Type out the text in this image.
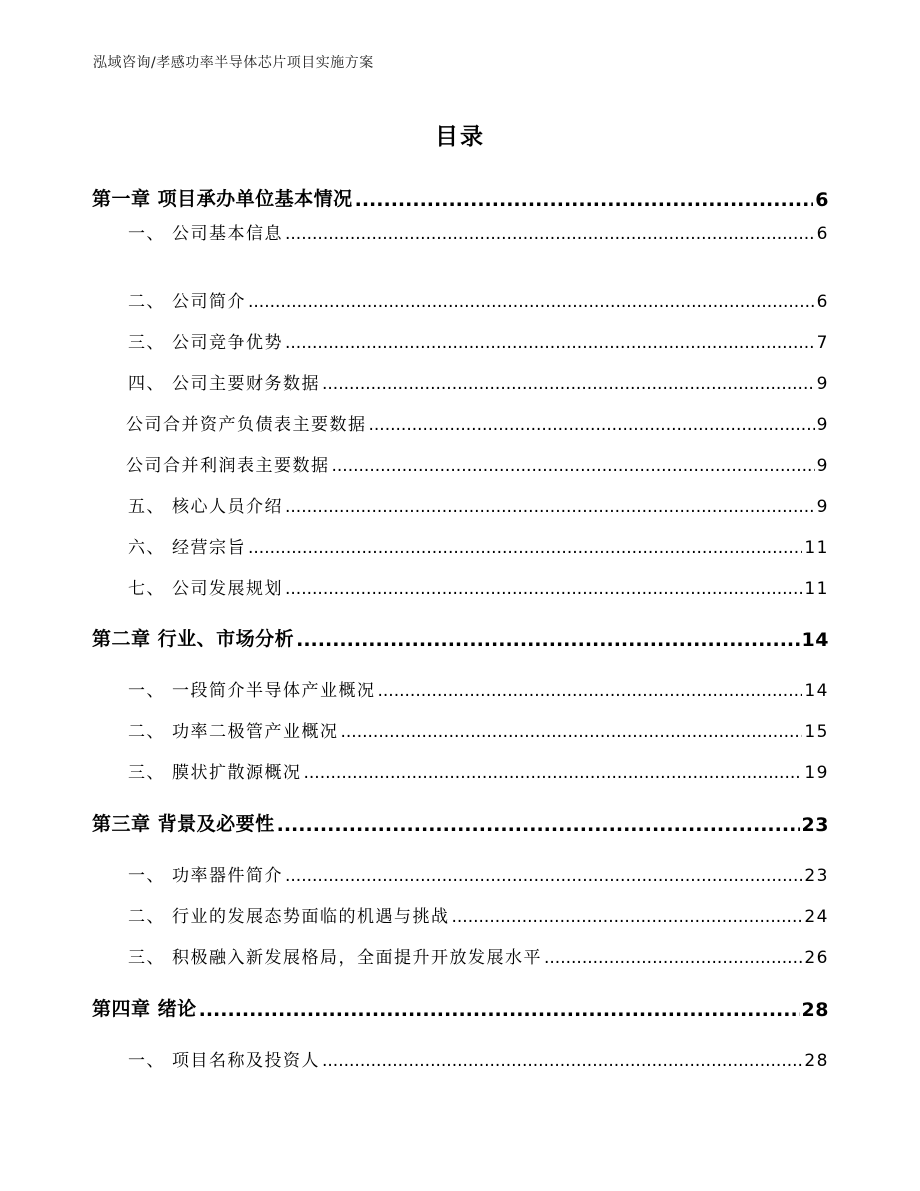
泓域咨询/孝感功率半导体芯片项目实施方案
目录
第一章 项目承办单位基本情况 .....	6
一、 公司基本信息 .....	6
二、 公司简介 .....	6
三、 公司竞争优势 .....	7
四、 公司主要财务数据 .....	9
公司合并资产负债表主要数据 .....	9
公司合并利润表主要数据 .....	9
五、 核心人员介绍 .....	9
六、 经营宗旨 .....	11
七、 公司发展规划 .....	11
第二章 行业、市场分析 .....	14
一、 一段简介半导体产业概况 .....	14
二、 功率二极管产业概况 .....	15
三、 膜状扩散源概况 .....	19
第三章 背景及必要性 .....	23
一、 功率器件简介 .....	23
二、 行业的发展态势面临的机遇与挑战 .....	24
三、 积极融入新发展格局，全面提升开放发展水平 .....	26
第四章 绪论 .....	28
一、 项目名称及投资人 .....	28
